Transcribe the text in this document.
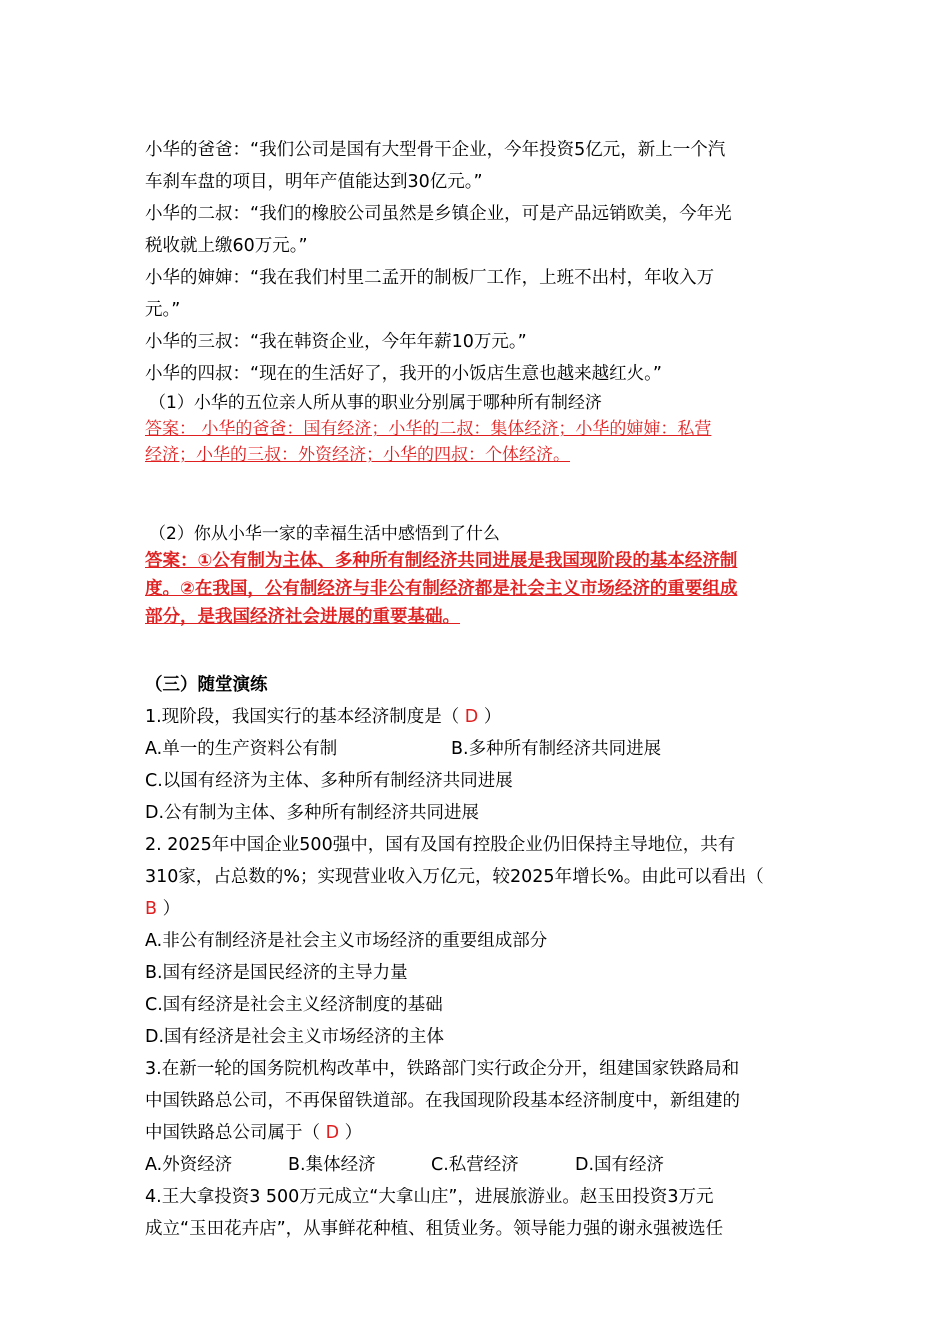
小华的爸爸：“我们公司是国有大型骨干企业，今年投资5亿元，新上一个汽
车刹车盘的项目，明年产值能达到30亿元。”
小华的二叔：“我们的橡胶公司虽然是乡镇企业，可是产品远销欧美，今年光
税收就上缴60万元。”
小华的婶婶：“我在我们村里二孟开的制板厂工作，上班不出村，年收入万
元。”
小华的三叔：“我在韩资企业，今年年薪10万元。”
小华的四叔：“现在的生活好了，我开的小饭店生意也越来越红火。”
（1）小华的五位亲人所从事的职业分别属于哪种所有制经济
答案： 小华的爸爸：国有经济；小华的二叔：集体经济；小华的婶婶：私营
经济；小华的三叔：外资经济；小华的四叔：个体经济。
（2）你从小华一家的幸福生活中感悟到了什么
答案：①公有制为主体、多种所有制经济共同进展是我国现阶段的基本经济制
度。②在我国，公有制经济与非公有制经济都是社会主义市场经济的重要组成
部分，是我国经济社会进展的重要基础。
（三）随堂演练
1.现阶段，我国实行的基本经济制度是（ D ）
A.单一的生产资料公有制	B.多种所有制经济共同进展
C.以国有经济为主体、多种所有制经济共同进展
D.公有制为主体、多种所有制经济共同进展
2. 2025年中国企业500强中，国有及国有控股企业仍旧保持主导地位，共有
310家，占总数的%；实现营业收入万亿元，较2025年增长%。由此可以看出（
B ）
A.非公有制经济是社会主义市场经济的重要组成部分
B.国有经济是国民经济的主导力量
C.国有经济是社会主义经济制度的基础
D.国有经济是社会主义市场经济的主体
3.在新一轮的国务院机构改革中，铁路部门实行政企分开，组建国家铁路局和
中国铁路总公司，不再保留铁道部。在我国现阶段基本经济制度中，新组建的
中国铁路总公司属于（ D ）
A.外资经济	B.集体经济	C.私营经济	D.国有经济
4.王大拿投资3 500万元成立“大拿山庄”，进展旅游业。赵玉田投资3万元
成立“玉田花卉店”，从事鲜花种植、租赁业务。领导能力强的谢永强被选任
